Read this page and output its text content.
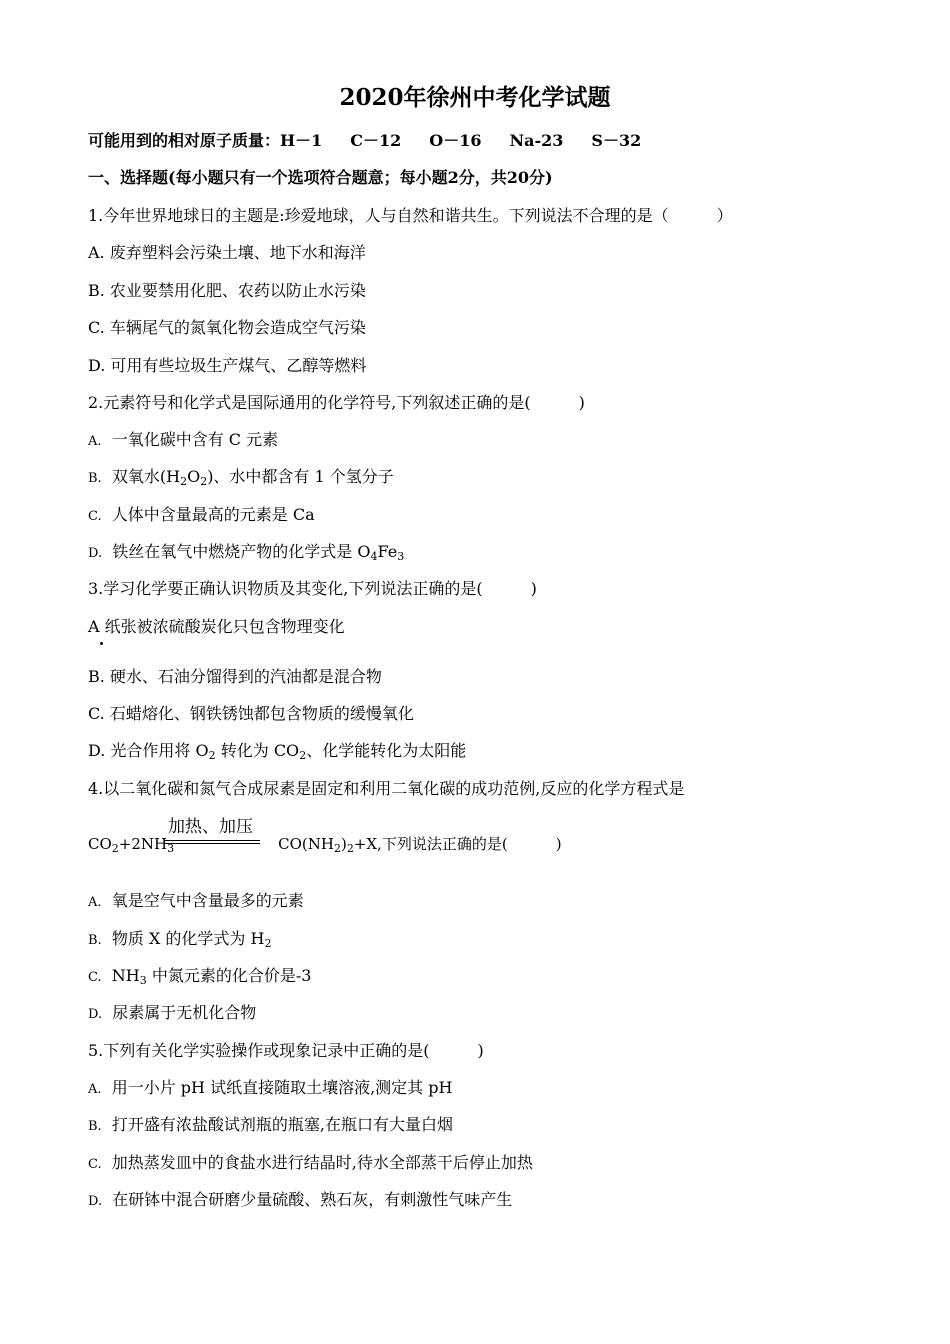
2020年徐州中考化学试题
可能用到的相对原子质量：H－1 C－12 O－16 Na-23 S－32
一、选择题(每小题只有一个选项符合题意；每小题2分，共20分)
1.今年世界地球日的主题是:珍爱地球，人与自然和谐共生。下列说法不合理的是（	）
A. 废弃塑料会污染土壤、地下水和海洋
B. 农业要禁用化肥、农药以防止水污染
C. 车辆尾气的氮氧化物会造成空气污染
D. 可用有些垃圾生产煤气、乙醇等燃料
2.元素符号和化学式是国际通用的化学符号,下列叙述正确的是(	)
A. 一氧化碳中含有 C 元素
B. 双氧水$(H_2O_2)$、水中都含有 1 个氢分子
C. 人体中含量最高的元素是 Ca
D. 铁丝在氧气中燃烧产物的化学式是 $O_4Fe_3$
3.学习化学要正确认识物质及其变化,下列说法正确的是(	)
A 纸张被浓硫酸炭化只包含物理变化
B. 硬水、石油分馏得到的汽油都是混合物
C. 石蜡熔化、钢铁锈蚀都包含物质的缓慢氧化
D. 光合作用将 $O_2$ 转化为 $CO_2$、化学能转化为太阳能
4.以二氧化碳和氮气合成尿素是固定和利用二氧化碳的成功范例,反应的化学方程式是
加热、加压
$CO_2+2NH_3$	$CO(NH_2)_2+X$,下列说法正确的是(	)
A. 氧是空气中含量最多的元素
B. 物质 X 的化学式为 $H_2$
C. $NH_3$ 中氮元素的化合价是-3
D. 尿素属于无机化合物
5.下列有关化学实验操作或现象记录中正确的是(	)
A. 用一小片 pH 试纸直接随取土壤溶液,测定其 pH
B. 打开盛有浓盐酸试剂瓶的瓶塞,在瓶口有大量白烟
C. 加热蒸发皿中的食盐水进行结晶时,待水全部蒸干后停止加热
D. 在研钵中混合研磨少量硫酸、熟石灰，有刺激性气味产生
